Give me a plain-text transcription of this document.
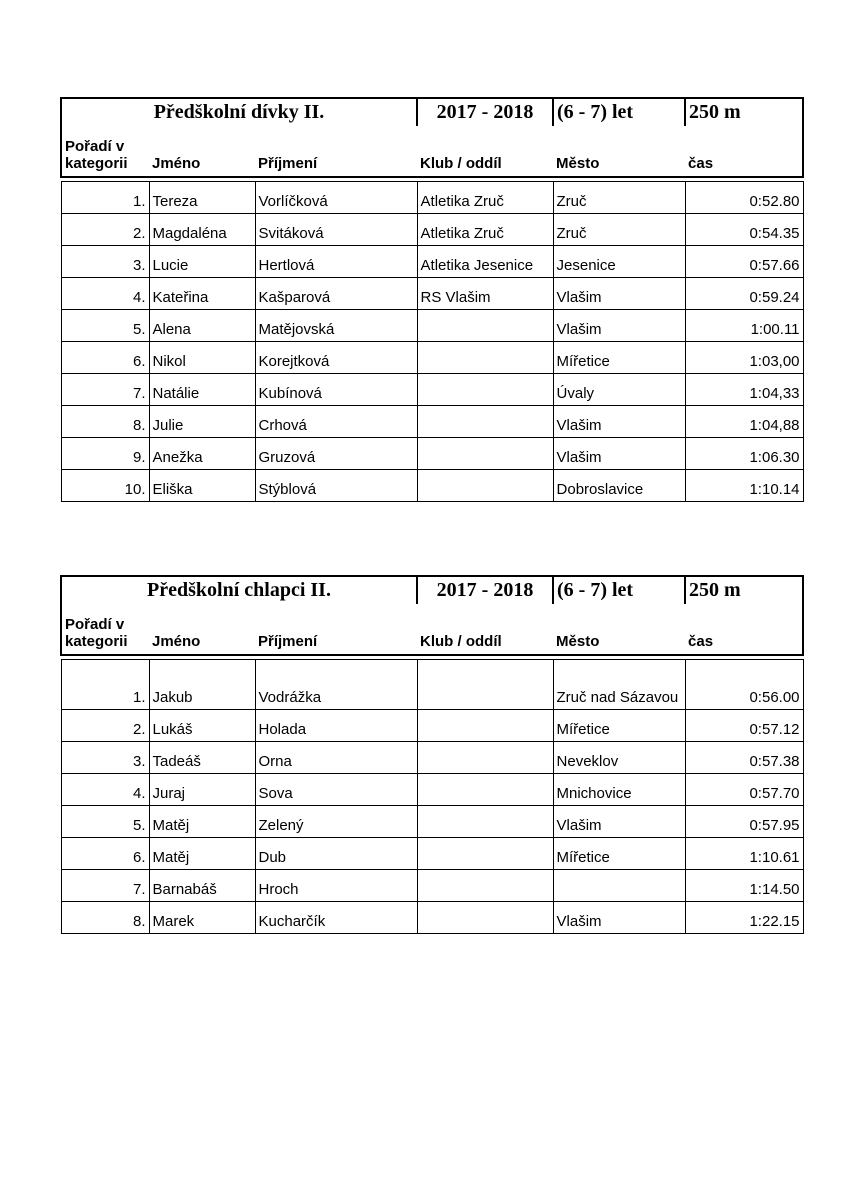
Předškolní dívky II.			2017 - 2018	(6 - 7) let	250 m
Pořadí v kategorii	Jméno	Příjmení	Klub / oddíl	Město	čas

1.	Tereza	Vorlíčková	Atletika Zruč	Zruč	0:52.80
2.	Magdaléna	Svitáková	Atletika Zruč	Zruč	0:54.35
3.	Lucie	Hertlová	Atletika Jesenice	Jesenice	0:57.66
4.	Kateřina	Kašparová	RS Vlašim	Vlašim	0:59.24
5.	Alena	Matějovská		Vlašim	1:00.11
6.	Nikol	Korejtková		Mířetice	1:03,00
7.	Natálie	Kubínová		Úvaly	1:04,33
8.	Julie	Crhová		Vlašim	1:04,88
9.	Anežka	Gruzová		Vlašim	1:06.30
10.	Eliška	Stýblová		Dobroslavice	1:10.14
Předškolní chlapci II.			2017 - 2018	(6 - 7) let	250 m
Pořadí v kategorii	Jméno	Příjmení	Klub / oddíl	Město	čas

1.	Jakub	Vodrážka		Zruč nad Sázavou	0:56.00
2.	Lukáš	Holada		Mířetice	0:57.12
3.	Tadeáš	Orna		Neveklov	0:57.38
4.	Juraj	Sova		Mnichovice	0:57.70
5.	Matěj	Zelený		Vlašim	0:57.95
6.	Matěj	Dub		Mířetice	1:10.61
7.	Barnabáš	Hroch			1:14.50
8.	Marek	Kucharčík		Vlašim	1:22.15
